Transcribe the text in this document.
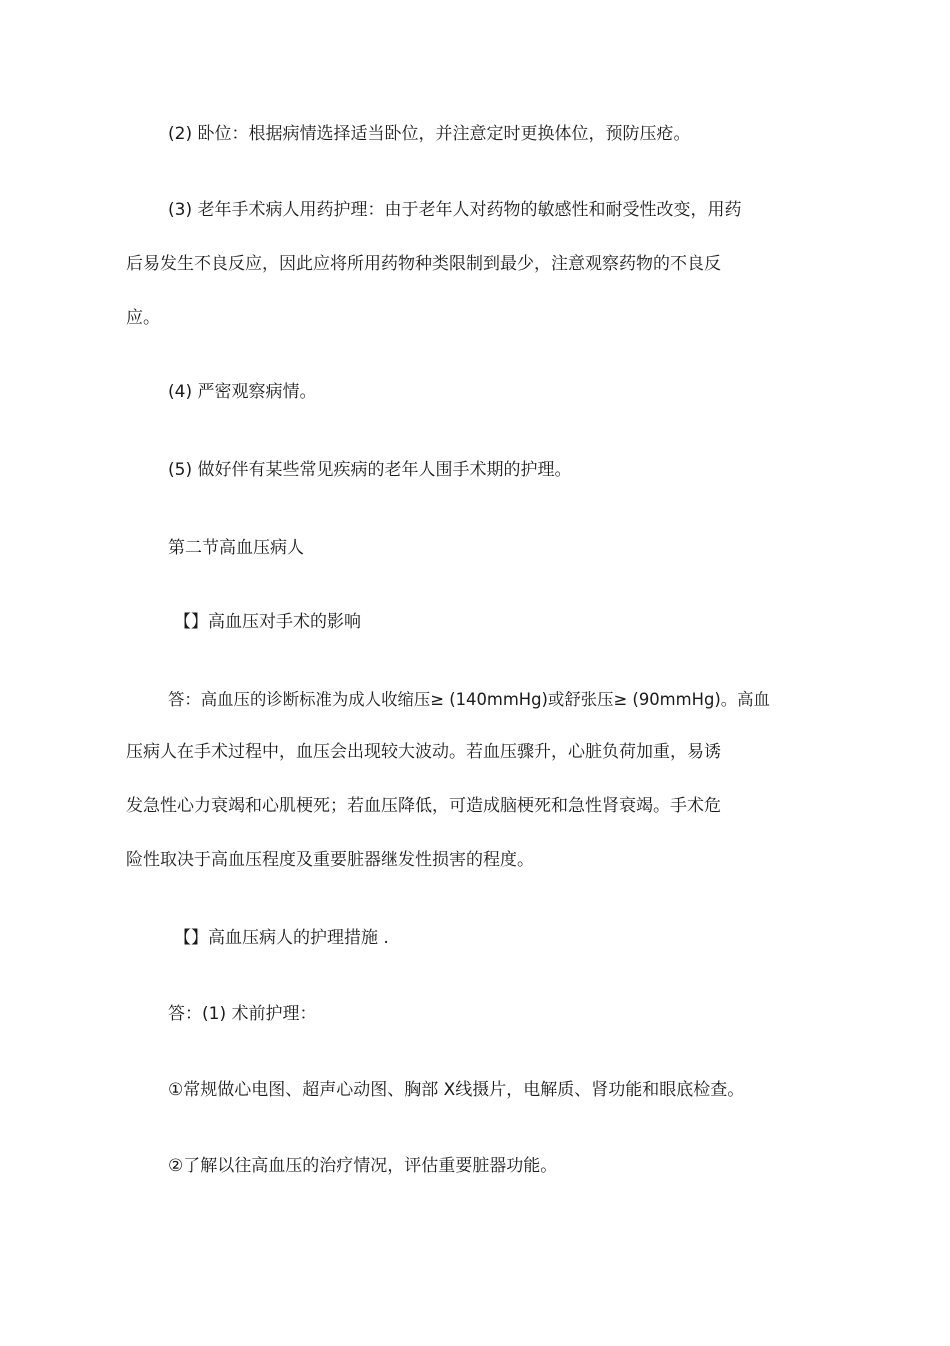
(2) 卧位：根据病情选择适当卧位，并注意定时更换体位，预防压疮。

(3) 老年手术病人用药护理：由于老年人对药物的敏感性和耐受性改变，用药

后易发生不良反应，因此应将所用药物种类限制到最少，注意观察药物的不良反

应。

(4) 严密观察病情。

(5) 做好伴有某些常见疾病的老年人围手术期的护理。

第二节高血压病人

【】高血压对手术的影响

答：高血压的诊断标准为成人收缩压≥ (140mmHg)或舒张压≥ (90mmHg)。高血

压病人在手术过程中，血压会出现较大波动。若血压骤升，心脏负荷加重，易诱

发急性心力衰竭和心肌梗死；若血压降低，可造成脑梗死和急性肾衰竭。手术危

险性取决于高血压程度及重要脏器继发性损害的程度。

【】高血压病人的护理措施 .

答：(1) 术前护理：

①常规做心电图、超声心动图、胸部 X线摄片，电解质、肾功能和眼底检查。

②了解以往高血压的治疗情况，评估重要脏器功能。
